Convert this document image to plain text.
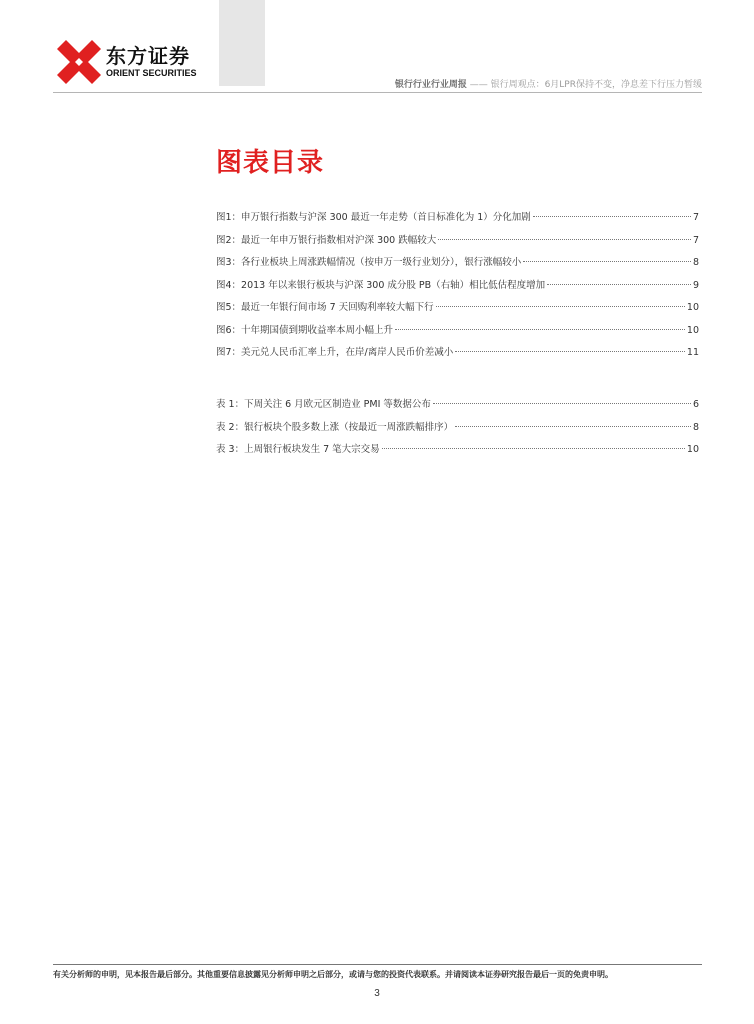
东方证券
ORIENT SECURITIES
银行行业行业周报 —— 银行周观点：6月LPR保持不变，净息差下行压力暂缓
图表目录
图1：申万银行指数与沪深 300 最近一年走势（首日标准化为 1）分化加剧	7
图2：最近一年申万银行指数相对沪深 300 跌幅较大	7
图3：各行业板块上周涨跌幅情况（按申万一级行业划分），银行涨幅较小	8
图4：2013 年以来银行板块与沪深 300 成分股 PB（右轴）相比低估程度增加	9
图5：最近一年银行间市场 7 天回购利率较大幅下行	10
图6：十年期国债到期收益率本周小幅上升	10
图7：美元兑人民币汇率上升，在岸/离岸人民币价差减小	11
表 1：下周关注 6 月欧元区制造业 PMI 等数据公布	6
表 2：银行板块个股多数上涨（按最近一周涨跌幅排序）	8
表 3：上周银行板块发生 7 笔大宗交易	10
有关分析师的申明，见本报告最后部分。其他重要信息披露见分析师申明之后部分，或请与您的投资代表联系。并请阅读本证券研究报告最后一页的免责申明。
3
